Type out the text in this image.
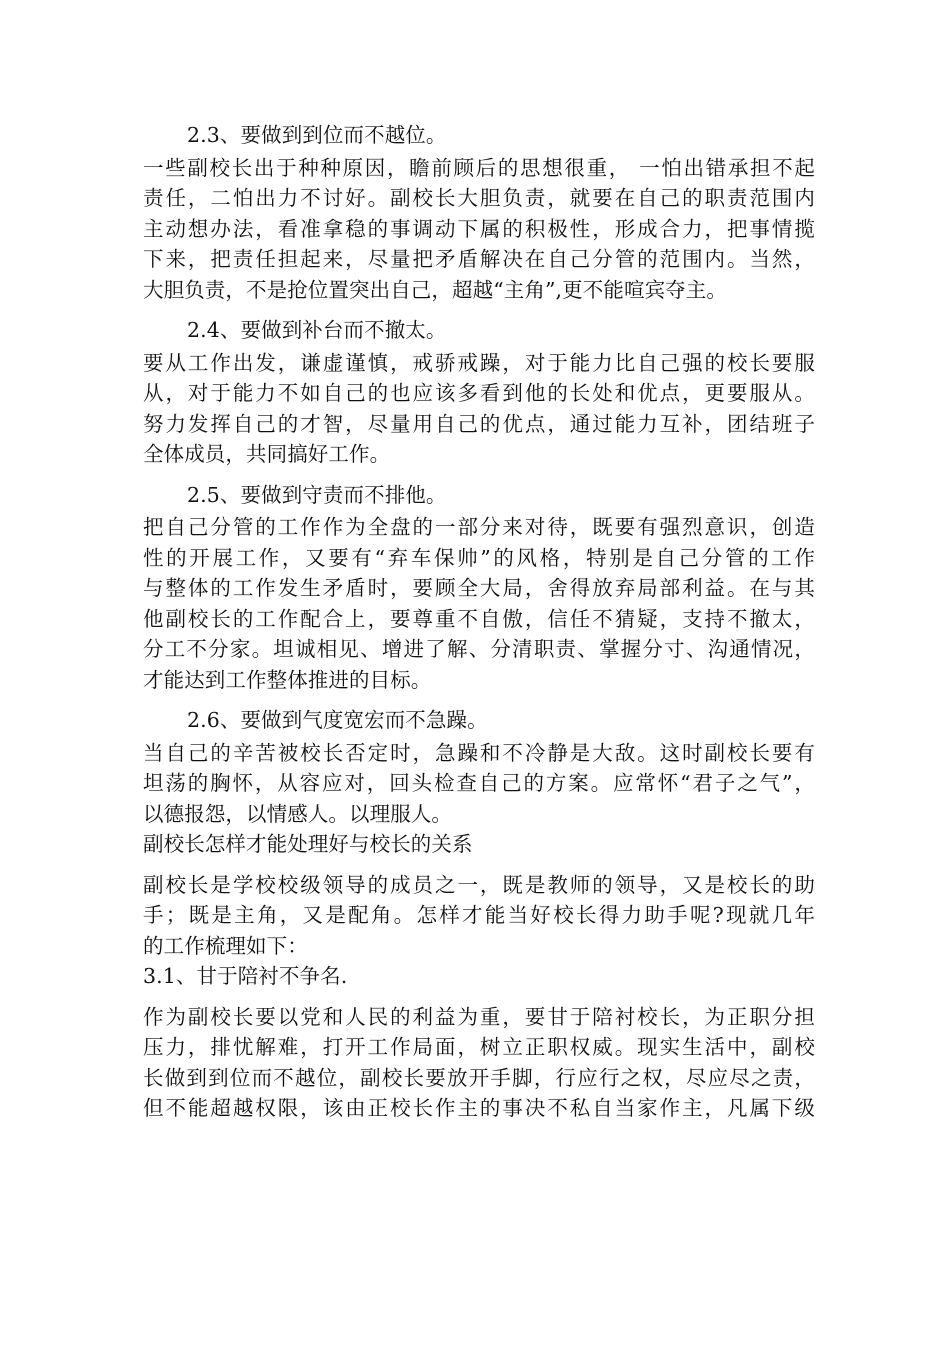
2.3、要做到到位而不越位。
一些副校长出于种种原因，瞻前顾后的思想很重， 一怕出错承担不起
责任，二怕出力不讨好。副校长大胆负责，就要在自己的职责范围内
主动想办法，看准拿稳的事调动下属的积极性，形成合力，把事情揽
下来，把责任担起来，尽量把矛盾解决在自己分管的范围内。当然，
大胆负责，不是抢位置突出自己，超越“主角”,更不能喧宾夺主。
2.4、要做到补台而不撤太。
要从工作出发，谦虚谨慎，戒骄戒躁，对于能力比自己强的校长要服
从，对于能力不如自己的也应该多看到他的长处和优点，更要服从。
努力发挥自己的才智，尽量用自己的优点，通过能力互补，团结班子
全体成员，共同搞好工作。
2.5、要做到守责而不排他。
把自己分管的工作作为全盘的一部分来对待，既要有强烈意识，创造
性的开展工作，又要有“弃车保帅”的风格，特别是自己分管的工作
与整体的工作发生矛盾时，要顾全大局，舍得放弃局部利益。在与其
他副校长的工作配合上，要尊重不自傲，信任不猜疑，支持不撤太，
分工不分家。坦诚相见、增进了解、分清职责、掌握分寸、沟通情况，
才能达到工作整体推进的目标。
2.6、要做到气度宽宏而不急躁。
当自己的辛苦被校长否定时，急躁和不冷静是大敌。这时副校长要有
坦荡的胸怀，从容应对，回头检查自己的方案。应常怀“君子之气”，
以德报怨，以情感人。以理服人。
副校长怎样才能处理好与校长的关系
副校长是学校校级领导的成员之一，既是教师的领导，又是校长的助
手；既是主角，又是配角。怎样才能当好校长得力助手呢?现就几年
的工作梳理如下：
3.1、甘于陪衬不争名.
作为副校长要以党和人民的利益为重，要甘于陪衬校长，为正职分担
压力，排忧解难，打开工作局面，树立正职权威。现实生活中，副校
长做到到位而不越位，副校长要放开手脚，行应行之权，尽应尽之责，
但不能超越权限，该由正校长作主的事决不私自当家作主，凡属下级
